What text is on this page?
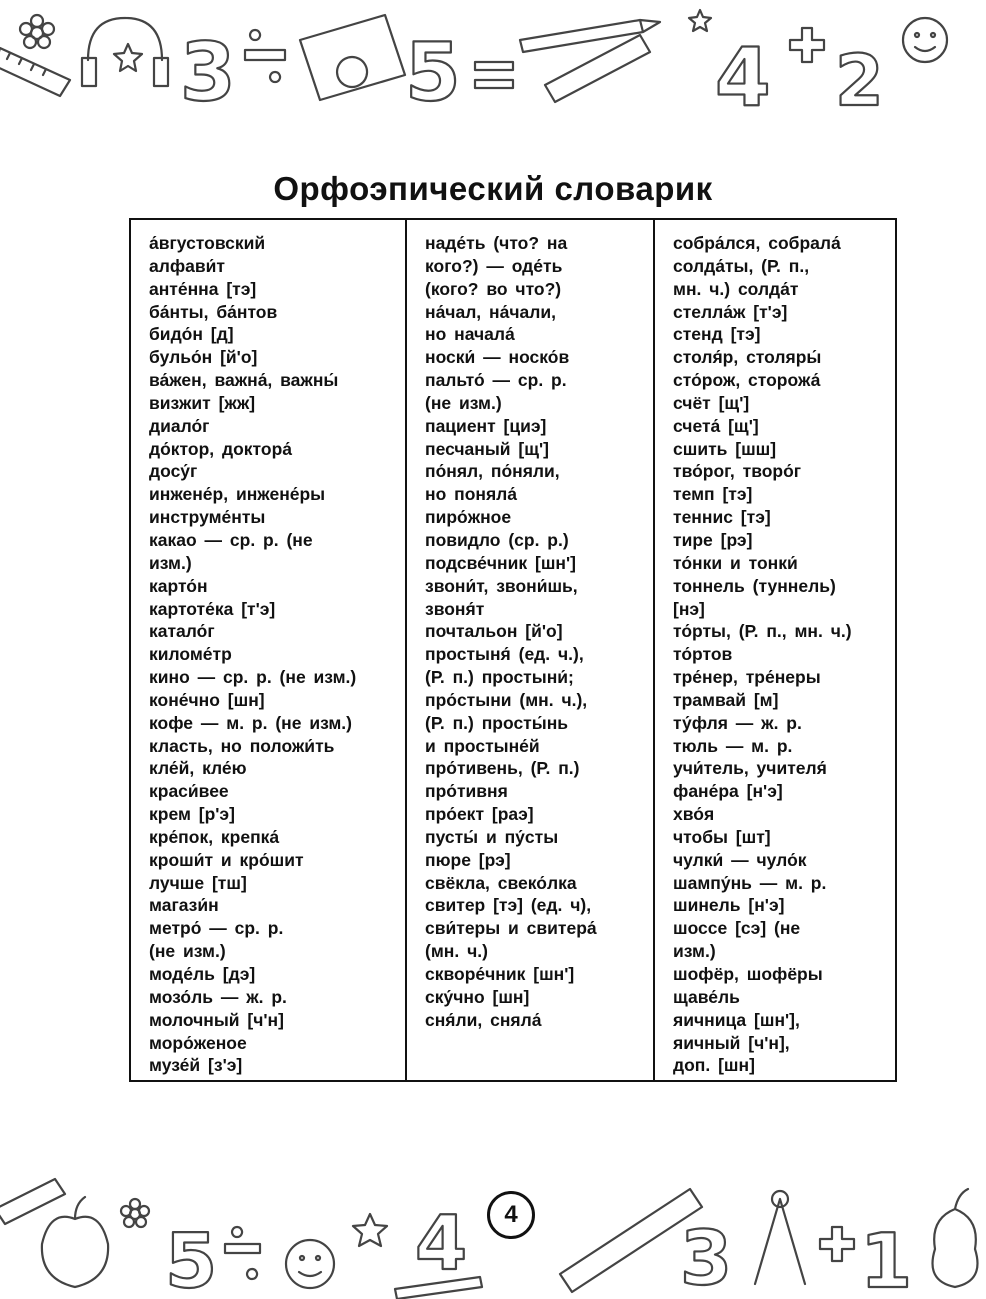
3 5	4 2
Орфоэпический словарик
а́вгустовский
алфави́т
анте́нна [тэ]
ба́нты, ба́нтов
бидо́н [д]
бульо́н [й'о]
ва́жен, важна́, важны́
визжит [жж]
диало́г
до́ктор, доктора́
досу́г
инжене́р, инжене́ры
инструме́нты
какао — ср. р. (не
изм.)
карто́н
картоте́ка [т'э]
катало́г
киломе́тр
кино — ср. р. (не изм.)
коне́чно [шн]
кофе — м. р. (не изм.)
класть, но положи́ть
кле́й, кле́ю
краси́вее
крем [р'э]
кре́пок, крепка́
кроши́т и кро́шит
лучше [тш]
магази́н
метро́ — ср. р.
(не изм.)
моде́ль [дэ]
мозо́ль — ж. р.
молочный [ч'н]
моро́женое
музе́й [з'э]
наде́ть (что? на
кого?) — оде́ть
(кого? во что?)
на́чал, на́чали,
но начала́
носки́ — носко́в
пальто́ — ср. р.
(не изм.)
пациент [циэ]
песчаный [щ']
по́нял, по́няли,
но поняла́
пиро́жное
повидло (ср. р.)
подсве́чник [шн']
звони́т, звони́шь,
звоня́т
почтальон [й'о]
простыня́ (ед. ч.),
(Р. п.) простыни́;
про́стыни (мн. ч.),
(Р. п.) просты́нь
и простыне́й
про́тивень, (Р. п.)
про́тивня
про́ект [раэ]
пусты́ и пу́сты
пюре [рэ]
свёкла, свеко́лка
свитер [тэ] (ед. ч),
сви́теры и свитера́
(мн. ч.)
скворе́чник [шн']
ску́чно [шн]
сня́ли, сняла́
собра́лся, собрала́
солда́ты, (Р. п.,
мн. ч.) солда́т
стелла́ж [т'э]
стенд [тэ]
столя́р, столяры́
сто́рож, сторожа́
счёт [щ']
счета́ [щ']
сшить [шш]
тво́рог, творо́г
темп [тэ]
теннис [тэ]
тире [рэ]
то́нки и тонки́
тоннель (туннель)
[нэ]
то́рты, (Р. п., мн. ч.)
то́ртов
тре́нер, тре́неры
трамвай [м]
ту́фля — ж. р.
тюль — м. р.
учи́тель, учителя́
фане́ра [н'э]
хво́я
чтобы [шт]
чулки́ — чуло́к
шампу́нь — м. р.
шинель [н'э]
шоссе [сэ] (не
изм.)
шофёр, шофёры
щаве́ль
яичница [шн'],
яичный [ч'н],
доп. [шн]
5	4	3 1
4
